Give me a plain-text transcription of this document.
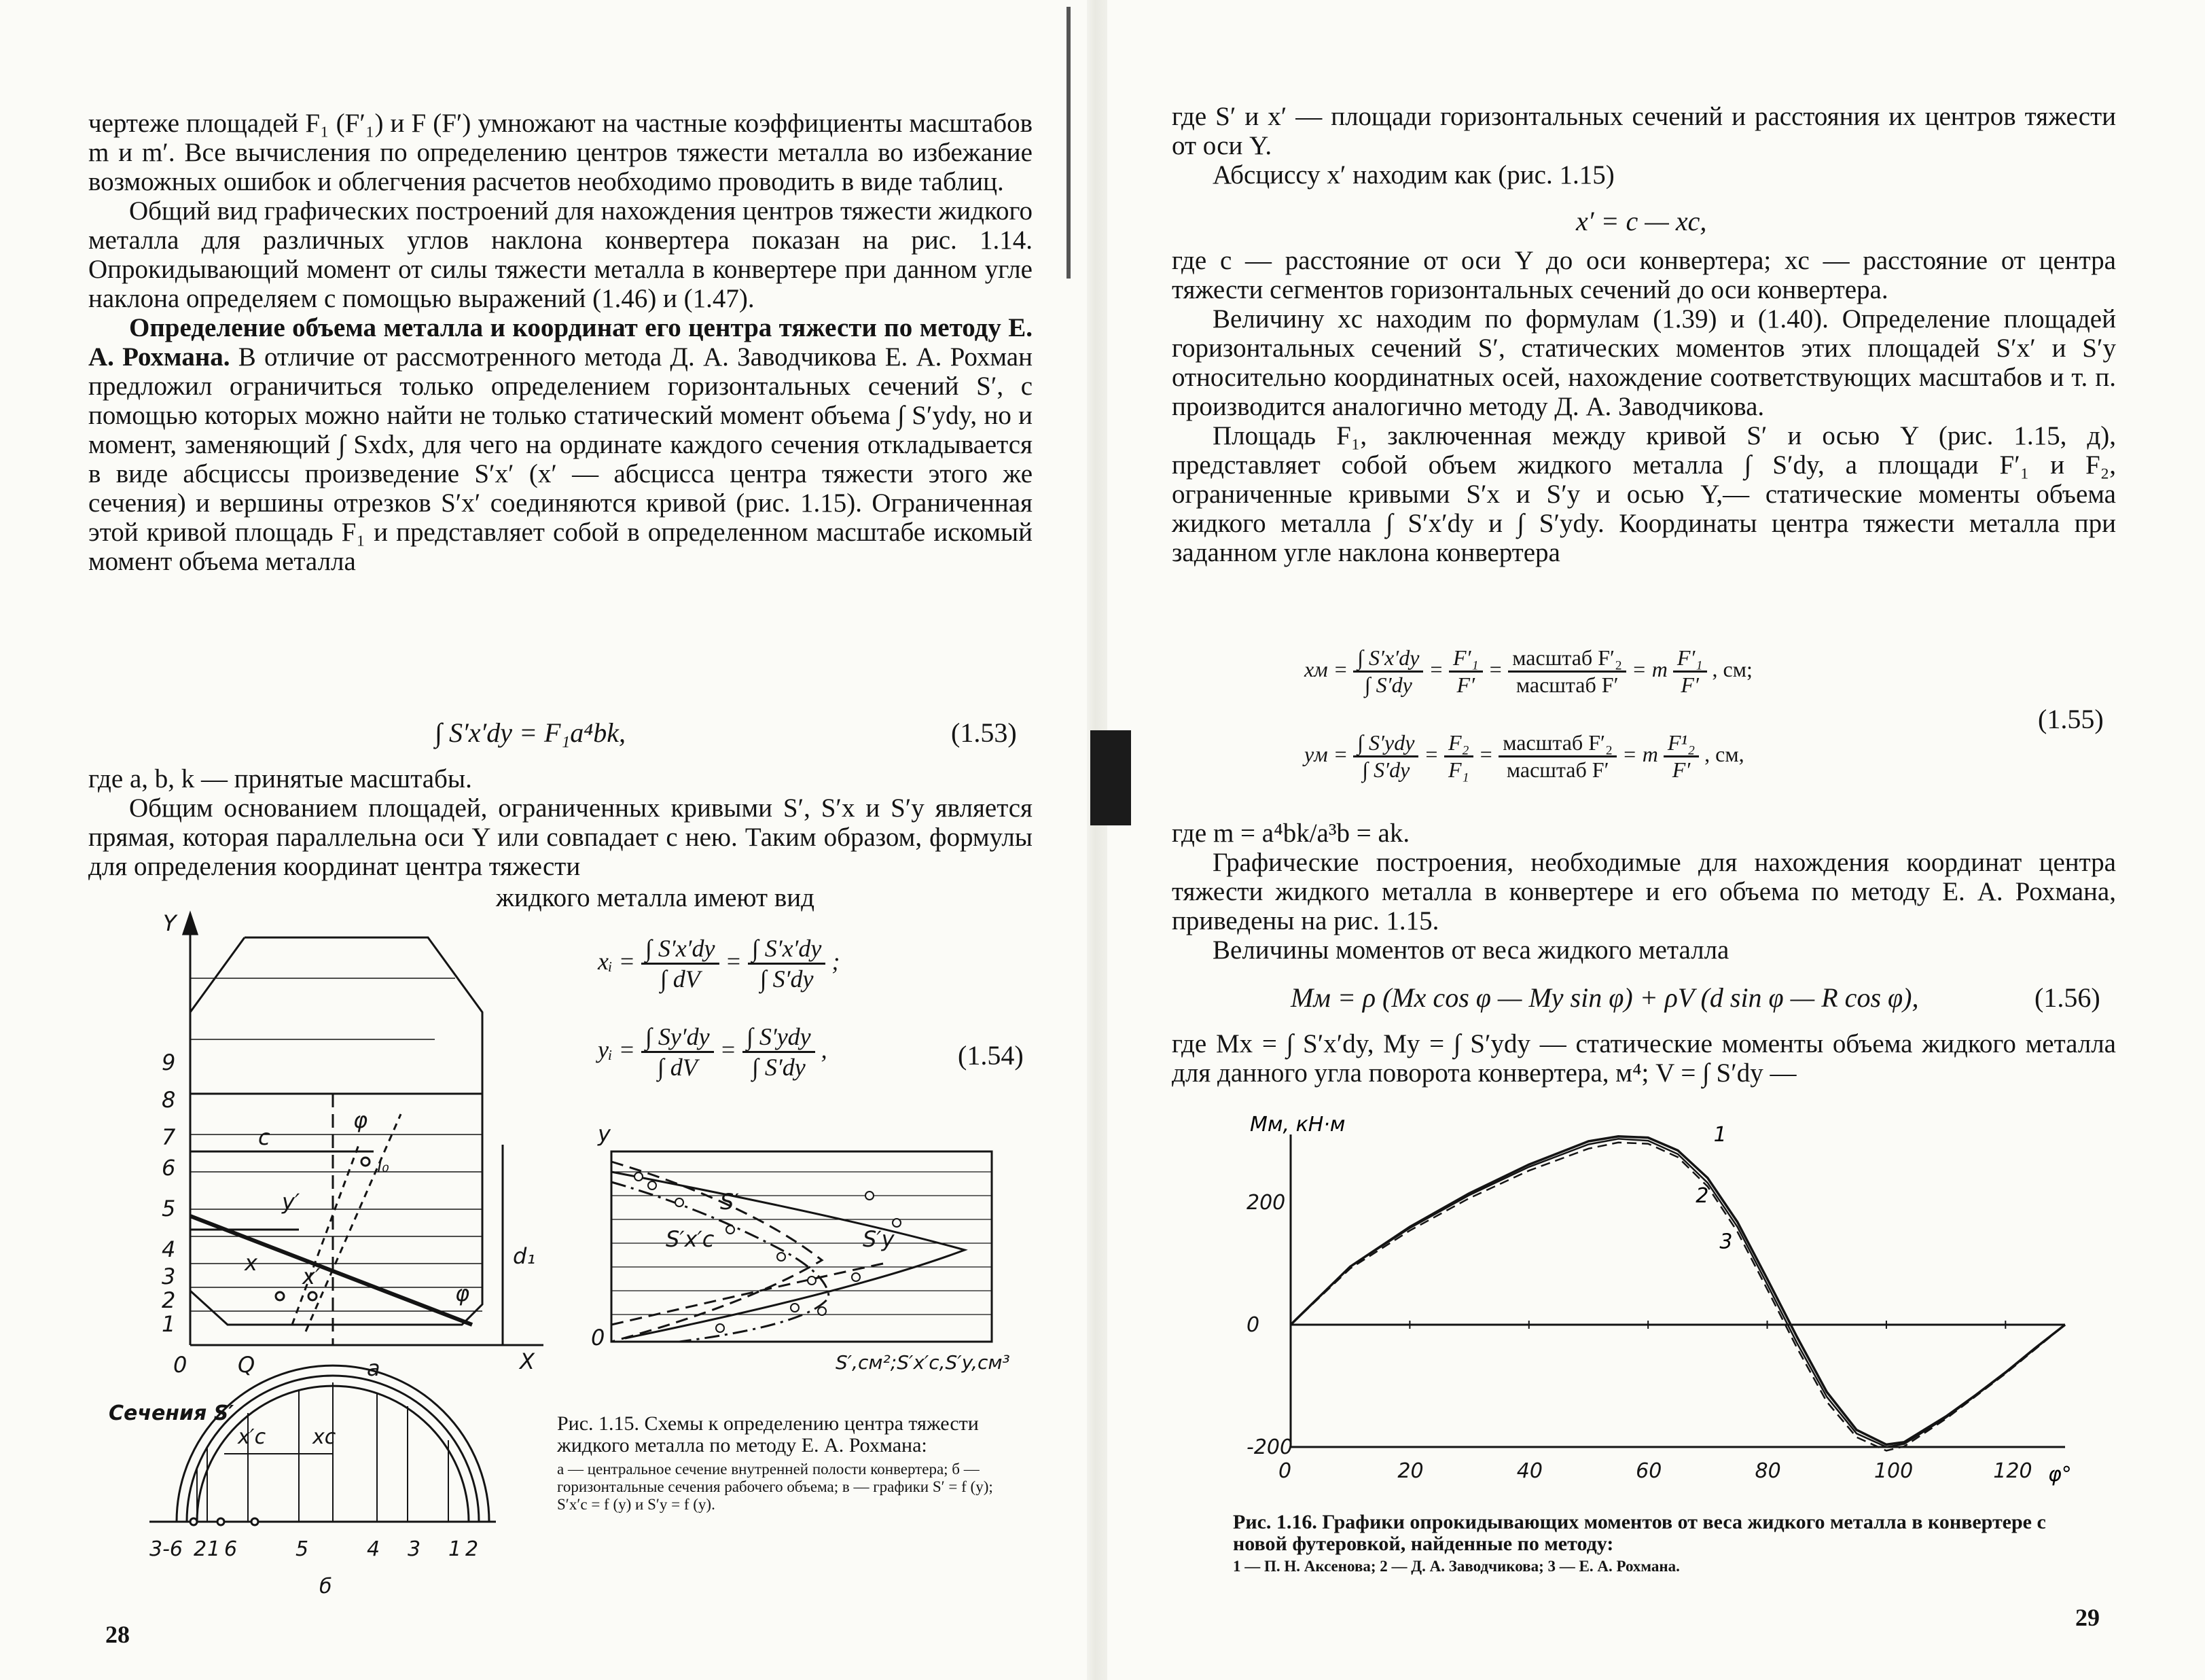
чертеже площадей F₁ (F′₁) и F (F′) умножают на частные коэффициенты масштабов m и m′. Все вычисления по определению центров тяжести металла во избежание возможных ошибок и облегчения расчетов необходимо проводить в виде таблиц.

Общий вид графических построений для нахождения центров тяжести жидкого металла для различных углов наклона конвертера показан на рис. 1.14. Опрокидывающий момент от силы тяжести металла в конвертере при данном угле наклона определяем с помощью выражений (1.46) и (1.47).

Определение объема металла и координат его центра тяжести по методу Е. А. Рохмана. В отличие от рассмотренного метода Д. А. Заводчикова Е. А. Рохман предложил ограничиться только определением горизонтальных сечений S′, с помощью которых можно найти не только статический момент объема ∫ S′ydy, но и момент, заменяющий ∫ Sxdx, для чего на ординате каждого сечения откладывается в виде абсциссы произведение S′x′ (x′ — абсцисса центра тяжести этого же сечения) и вершины отрезков S′x′ соединяются кривой (рис. 1.15). Ограниченная этой кривой площадь F₁ и представляет собой в определенном масштабе искомый момент объема металла

∫ S′x′dy = F₁a⁴bk,	(1.53)

где a, b, k — принятые масштабы.

Общим основанием площадей, ограниченных кривыми S′, S′x и S′y является прямая, которая параллельна оси Y или совпадает с нею. Таким образом, формулы для определения координат центра тяжести

жидкого металла имеют вид
xᵢ = $\frac{\int S'x'dy}{\int dV} = \frac{\int S'x'dy}{\int S'dy}$ ;
yᵢ = $\frac{\int Sy'dy}{\int dV} = \frac{\text{∫ S′ydy}}{\int S'dy}$ ,	(1.54)
Y
X
0 Q	a
c
x
x′
φ
φ
y′
d₁
l₀
9
8
7
6
5
4
3
2
1
Сечения S′
x′c xc
3-6 2 1 6	5	4 3 1 2
б
y
0
S′
S′x′c	S′y
S′,см²;S′x′c,S′y,см³
Рис. 1.15. Схемы к определению центра тяжести жидкого металла по методу Е. А. Рохмана:
а — центральное сечение внутренней полости конвертера; б — горизонтальные сечения рабочего объема; в — графики S′ = f (y); S′x′c = f (y) и S′y = f (y).
28

где S′ и x′ — площади горизонтальных сечений и расстояния их центров тяжести от оси Y.

Абсциссу x′ находим как (рис. 1.15)

x′ = c — xc,

где c — расстояние от оси Y до оси конвертера; xc — расстояние от центра тяжести сегментов горизонтальных сечений до оси конвертера.

Величину xc находим по формулам (1.39) и (1.40). Определение площадей горизонтальных сечений S′, статических моментов этих площадей S′x′ и S′y относительно координатных осей, нахождение соответствующих масштабов и т. п. производится аналогично методу Д. А. Заводчикова.

Площадь F₁, заключенная между кривой S′ и осью Y (рис. 1.15, д), представляет собой объем жидкого металла ∫ S′dy, а площади F′₁ и F₂, ограниченные кривыми S′x и S′y и осью Y,— статические моменты объема жидкого металла ∫ S′x′dy и ∫ S′ydy. Координаты центра тяжести металла при заданном угле наклона конвертера

xм = $\frac{\int S'x'dy}{\int S'dy} = \frac{\text{F′₁}}{F'} = \frac{\text{масштаб F′₂}}{\text{масштаб F′}} = m \frac{\text{F′₁}}{F'}$ , см;
yм = $\frac{\text{∫ S′ydy}}{\int S'dy} = \frac{\text{F₂}}{\text{F₁}} = \frac{\text{масштаб F′₂}}{\text{масштаб F′}} = m \frac{\text{F¹₂}}{F'}$ , см,
(1.55)

где m = a⁴bk/a³b = ak.

Графические построения, необходимые для нахождения координат центра тяжести жидкого металла в конвертере и его объема по методу Е. А. Рохмана, приведены на рис. 1.15.

Величины моментов от веса жидкого металла

Mм = ρ (Mx cos φ — My sin φ) + ρV (d sin φ — R cos φ),	(1.56)
где Mx = ∫ S′x′dy, My = ∫ S′ydy — статические моменты объема жидкого металла для данного угла поворота конвертера, м⁴; V = ∫ S′dy —
0	20	40	60	80	100	120
200
0
-200
Mм, кН·м
φ°
1
2
3
Рис. 1.16. Графики опрокидывающих моментов от веса жидкого металла в конвертере с новой футеровкой, найденные по методу:
1 — П. Н. Аксенова; 2 — Д. А. Заводчикова; 3 — Е. А. Рохмана.
29
